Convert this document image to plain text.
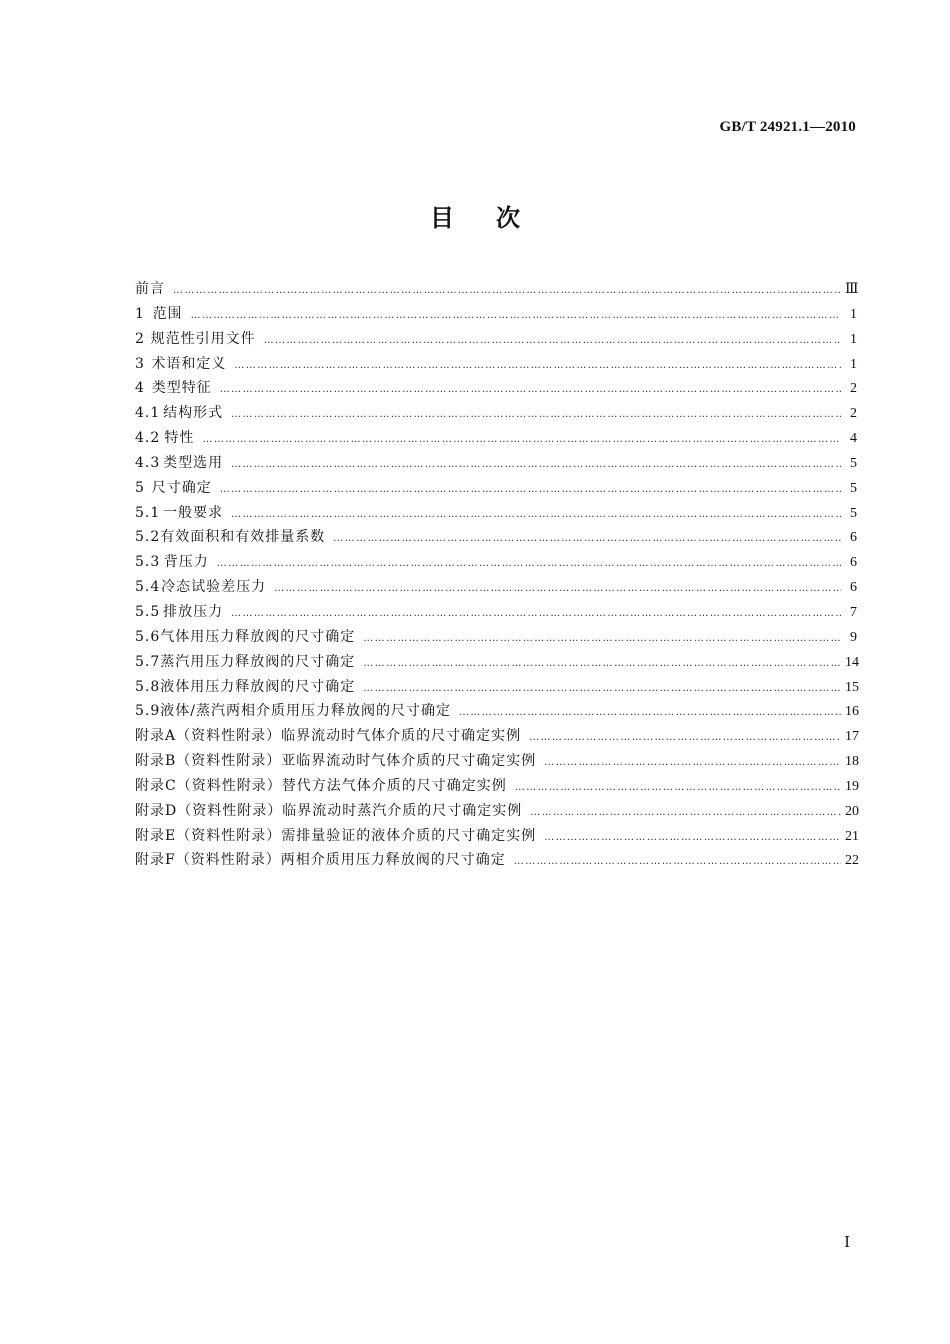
GB/T 24921.1—2010
目次
前言 ………………………………………………………………………………………………………………………………………………………………………………………………………………	Ⅲ
1 范围 ………………………………………………………………………………………………………………………………………………………………………………………………………………	1
2 规范性引用文件 ………………………………………………………………………………………………………………………………………………………………………………………………………………	1
3 术语和定义 ………………………………………………………………………………………………………………………………………………………………………………………………………………	1
4 类型特征 ………………………………………………………………………………………………………………………………………………………………………………………………………………	2
4.1 结构形式 ………………………………………………………………………………………………………………………………………………………………………………………………………………	2
4.2 特性 ………………………………………………………………………………………………………………………………………………………………………………………………………………	4
4.3 类型选用 ………………………………………………………………………………………………………………………………………………………………………………………………………………	5
5 尺寸确定 ………………………………………………………………………………………………………………………………………………………………………………………………………………	5
5.1 一般要求 ………………………………………………………………………………………………………………………………………………………………………………………………………………	5
5.2 有效面积和有效排量系数 ………………………………………………………………………………………………………………………………………………………………………………………………………………	6
5.3 背压力 ………………………………………………………………………………………………………………………………………………………………………………………………………………	6
5.4 冷态试验差压力 ………………………………………………………………………………………………………………………………………………………………………………………………………………	6
5.5 排放压力 ………………………………………………………………………………………………………………………………………………………………………………………………………………	7
5.6 气体用压力释放阀的尺寸确定 ………………………………………………………………………………………………………………………………………………………………………………………………………………	9
5.7 蒸汽用压力释放阀的尺寸确定 ………………………………………………………………………………………………………………………………………………………………………………………………………………	14
5.8 液体用压力释放阀的尺寸确定 ………………………………………………………………………………………………………………………………………………………………………………………………………………	15
5.9 液体/蒸汽两相介质用压力释放阀的尺寸确定 ………………………………………………………………………………………………………………………………………………………………………………………………………………	16
附录A（资料性附录） 临界流动时气体介质的尺寸确定实例 ………………………………………………………………………………………………………………………………………………………………………………………………………………	17
附录B（资料性附录） 亚临界流动时气体介质的尺寸确定实例 ………………………………………………………………………………………………………………………………………………………………………………………………………………	18
附录C（资料性附录） 替代方法气体介质的尺寸确定实例 ………………………………………………………………………………………………………………………………………………………………………………………………………………	19
附录D（资料性附录） 临界流动时蒸汽介质的尺寸确定实例 ………………………………………………………………………………………………………………………………………………………………………………………………………………	20
附录E（资料性附录） 需排量验证的液体介质的尺寸确定实例 ………………………………………………………………………………………………………………………………………………………………………………………………………………	21
附录F（资料性附录） 两相介质用压力释放阀的尺寸确定 ………………………………………………………………………………………………………………………………………………………………………………………………………………	22
Ⅰ
